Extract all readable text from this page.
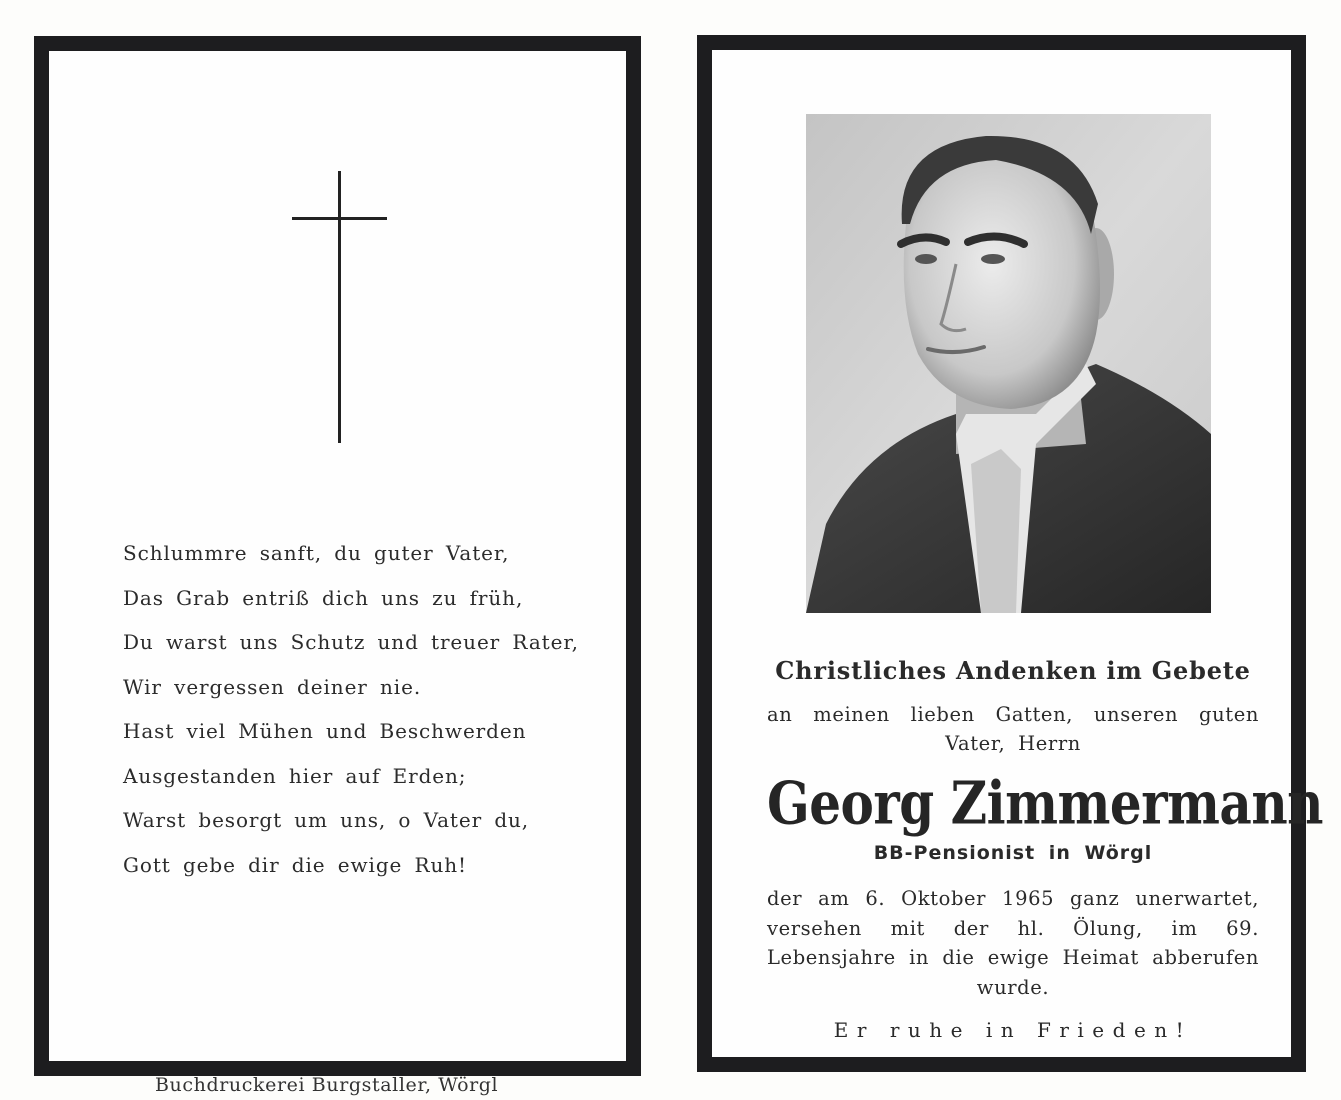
Schlummre sanft, du guter Vater,
Das Grab entriß dich uns zu früh,
Du warst uns Schutz und treuer Rater,
Wir vergessen deiner nie.
Hast viel Mühen und Beschwerden
Ausgestanden hier auf Erden;
Warst besorgt um uns, o Vater du,
Gott gebe dir die ewige Ruh!
Buchdruckerei Burgstaller, Wörgl
Christliches Andenken im Gebete
an meinen lieben Gatten, unseren guten Vater, Herrn
Georg Zimmermann
BB-Pensionist in Wörgl
der am 6. Oktober 1965 ganz unerwartet, versehen mit der hl. Ölung, im 69. Lebensjahre in die ewige Heimat abberufen wurde.
Er ruhe in Frieden!
